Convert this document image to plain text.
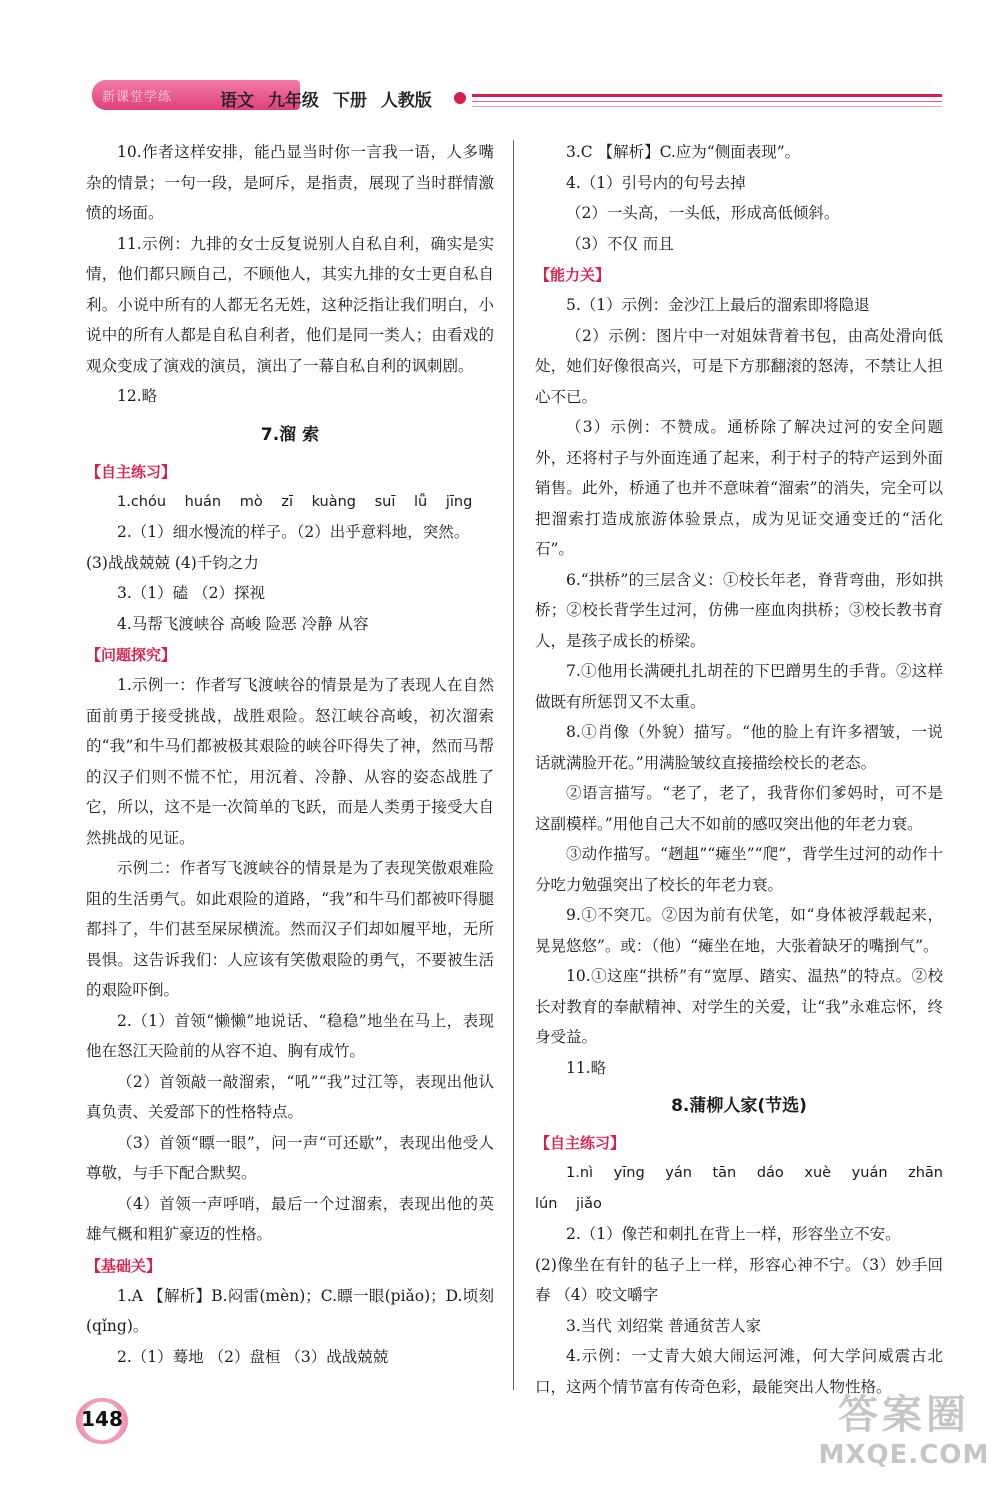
新课堂学练	语文 九年级 下册 人教版

10.作者这样安排，能凸显当时你一言我一语，人多嘴杂的情景；一句一段，是呵斥，是指责，展现了当时群情激愤的场面。

11.示例：九排的女士反复说别人自私自利，确实是实情，他们都只顾自己，不顾他人，其实九排的女士更自私自利。小说中所有的人都无名无姓，这种泛指让我们明白，小说中的所有人都是自私自利者，他们是同一类人；由看戏的观众变成了演戏的演员，演出了一幕自私自利的讽刺剧。

12.略

7.溜 索
【自主练习】

1.chóu huán mò zī kuàng suī lǚ jīng

2.（1）细水慢流的样子。（2）出乎意料地，突然。

(3)战战兢兢 (4)千钧之力

3.（1）磕 （2）探视

4.马帮飞渡峡谷 高峻 险恶 冷静 从容

【问题探究】

1.示例一：作者写飞渡峡谷的情景是为了表现人在自然面前勇于接受挑战，战胜艰险。怒江峡谷高峻，初次溜索的“我”和牛马们都被极其艰险的峡谷吓得失了神，然而马帮的汉子们则不慌不忙，用沉着、冷静、从容的姿态战胜了它，所以，这不是一次简单的飞跃，而是人类勇于接受大自然挑战的见证。

示例二：作者写飞渡峡谷的情景是为了表现笑傲艰难险阻的生活勇气。如此艰险的道路，“我”和牛马们都被吓得腿都抖了，牛们甚至屎尿横流。然而汉子们却如履平地，无所畏惧。这告诉我们：人应该有笑傲艰险的勇气，不要被生活的艰险吓倒。

2.（1）首领“懒懒”地说话、“稳稳”地坐在马上，表现他在怒江天险前的从容不迫、胸有成竹。

（2）首领敲一敲溜索，“吼”“我”过江等，表现出他认真负责、关爱部下的性格特点。

（3）首领“瞟一眼”，问一声“可还歇”，表现出他受人尊敬，与手下配合默契。

（4）首领一声呼哨，最后一个过溜索，表现出他的英雄气概和粗犷豪迈的性格。

【基础关】

1.A 【解析】B.闷雷(mèn)；C.瞟一眼(piǎo)；D.顷刻(qǐng)。

2.（1）蓦地 （2）盘桓 （3）战战兢兢

3.C 【解析】C.应为“侧面表现”。

4.（1）引号内的句号去掉

（2）一头高，一头低，形成高低倾斜。

（3）不仅 而且

【能力关】

5.（1）示例：金沙江上最后的溜索即将隐退

（2）示例：图片中一对姐妹背着书包，由高处滑向低处，她们好像很高兴，可是下方那翻滚的怒涛，不禁让人担心不已。

（3）示例：不赞成。通桥除了解决过河的安全问题外，还将村子与外面连通了起来，利于村子的特产运到外面销售。此外，桥通了也并不意味着“溜索”的消失，完全可以把溜索打造成旅游体验景点，成为见证交通变迁的“活化石”。

6.“拱桥”的三层含义：①校长年老，脊背弯曲，形如拱桥；②校长背学生过河，仿佛一座血肉拱桥；③校长教书育人，是孩子成长的桥梁。

7.①他用长满硬扎扎胡茬的下巴蹭男生的手背。②这样做既有所惩罚又不太重。

8.①肖像（外貌）描写。“他的脸上有许多褶皱，一说话就满脸开花。”用满脸皱纹直接描绘校长的老态。

②语言描写。“老了，老了，我背你们爹妈时，可不是这副模样。”用他自己大不如前的感叹突出他的年老力衰。

③动作描写。“趔趄”“瘫坐”“爬”，背学生过河的动作十分吃力勉强突出了校长的年老力衰。

9.①不突兀。②因为前有伏笔，如“身体被浮载起来，晃晃悠悠”。或：（他）“瘫坐在地，大张着缺牙的嘴捯气”。

10.①这座“拱桥”有“宽厚、踏实、温热”的特点。②校长对教育的奉献精神、对学生的关爱，让“我”永难忘怀，终身受益。

11.略

8.蒲柳人家(节选)
【自主练习】

1.nì yīng yán tān dáo xuè yuán zhān lún jiǎo

2.（1）像芒和刺扎在背上一样，形容坐立不安。

(2)像坐在有针的毡子上一样，形容心神不宁。（3）妙手回春 （4）咬文嚼字

3.当代 刘绍棠 普通贫苦人家

4.示例：一丈青大娘大闹运河滩，何大学问威震古北口，这两个情节富有传奇色彩，最能突出人物性格。

148	答案圈
MXQE.COM
